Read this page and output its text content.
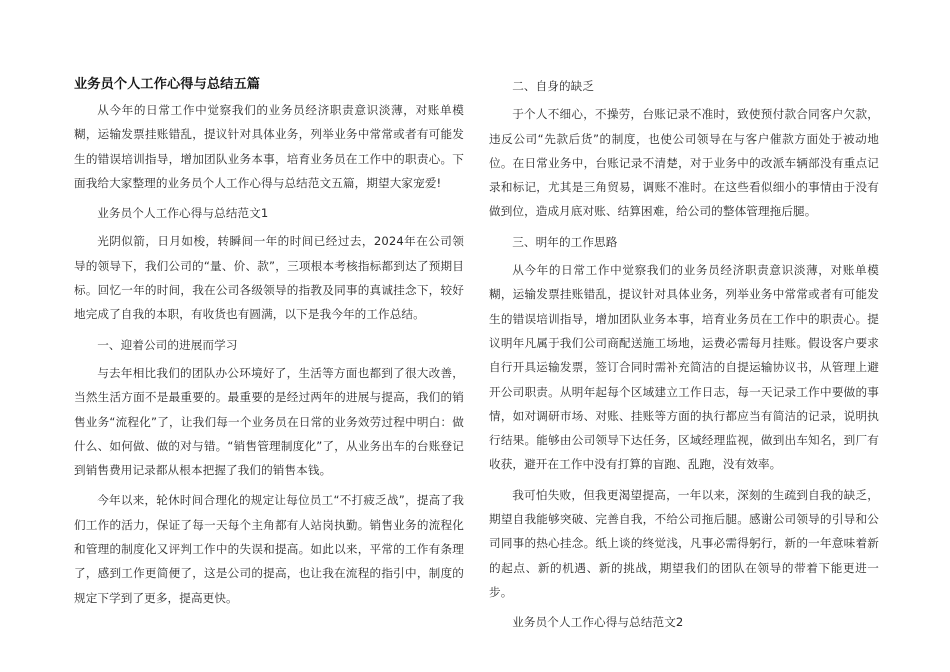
业务员个人工作心得与总结五篇

从今年的日常工作中觉察我们的业务员经济职责意识淡薄，对账单模糊，运输发票挂账错乱，提议针对具体业务，列举业务中常常或者有可能发生的错误培训指导，增加团队业务本事，培育业务员在工作中的职责心。下面我给大家整理的业务员个人工作心得与总结范文五篇，期望大家宠爱!

业务员个人工作心得与总结范文1

光阴似箭，日月如梭，转瞬间一年的时间已经过去，2024年在公司领导的领导下，我们公司的“量、价、款”，三项根本考核指标都到达了预期目标。回忆一年的时间，我在公司各级领导的指教及同事的真诚挂念下，较好地完成了自我的本职，有收货也有圆满，以下是我今年的工作总结。

一、迎着公司的进展而学习

与去年相比我们的团队办公环境好了，生活等方面也都到了很大改善，当然生活方面不是最重要的。最重要的是经过两年的进展与提高，我们的销售业务“流程化”了，让我们每一个业务员在日常的业务效劳过程中明白：做什么、如何做、做的对与错。“销售管理制度化”了，从业务出车的台账登记到销售费用记录都从根本把握了我们的销售本钱。

今年以来，轮休时间合理化的规定让每位员工“不打疲乏战”，提高了我们工作的活力，保证了每一天每个主角都有人站岗执勤。销售业务的流程化和管理的制度化又评判工作中的失误和提高。如此以来，平常的工作有条理了，感到工作更简便了，这是公司的提高，也让我在流程的指引中，制度的规定下学到了更多，提高更快。

二、自身的缺乏

于个人不细心，不操劳，台账记录不准时，致使预付款合同客户欠款，违反公司“先款后货”的制度，也使公司领导在与客户催款方面处于被动地位。在日常业务中，台账记录不清楚，对于业务中的改派车辆部没有重点记录和标记，尤其是三角贸易，调账不准时。在这些看似细小的事情由于没有做到位，造成月底对账、结算困难，给公司的整体管理拖后腿。

三、明年的工作思路

从今年的日常工作中觉察我们的业务员经济职责意识淡薄，对账单模糊，运输发票挂账错乱，提议针对具体业务，列举业务中常常或者有可能发生的错误培训指导，增加团队业务本事，培育业务员在工作中的职责心。提议明年凡属于我们公司商配送施工场地，运费必需每月挂账。假设客户要求自行开具运输发票，签订合同时需补充简洁的自提运输协议书，从管理上避开公司职责。从明年起每个区域建立工作日志，每一天记录工作中要做的事情，如对调研市场、对账、挂账等方面的执行都应当有简洁的记录，说明执行结果。能够由公司领导下达任务，区域经理监视，做到出车知名，到厂有收获，避开在工作中没有打算的盲跑、乱跑，没有效率。

我可怕失败，但我更渴望提高，一年以来，深刻的生疏到自我的缺乏，期望自我能够突破、完善自我，不给公司拖后腿。感谢公司领导的引导和公司同事的热心挂念。纸上谈的终觉浅，凡事必需得躬行，新的一年意味着新的起点、新的机遇、新的挑战，期望我们的团队在领导的带着下能更进一步。

业务员个人工作心得与总结范文2
